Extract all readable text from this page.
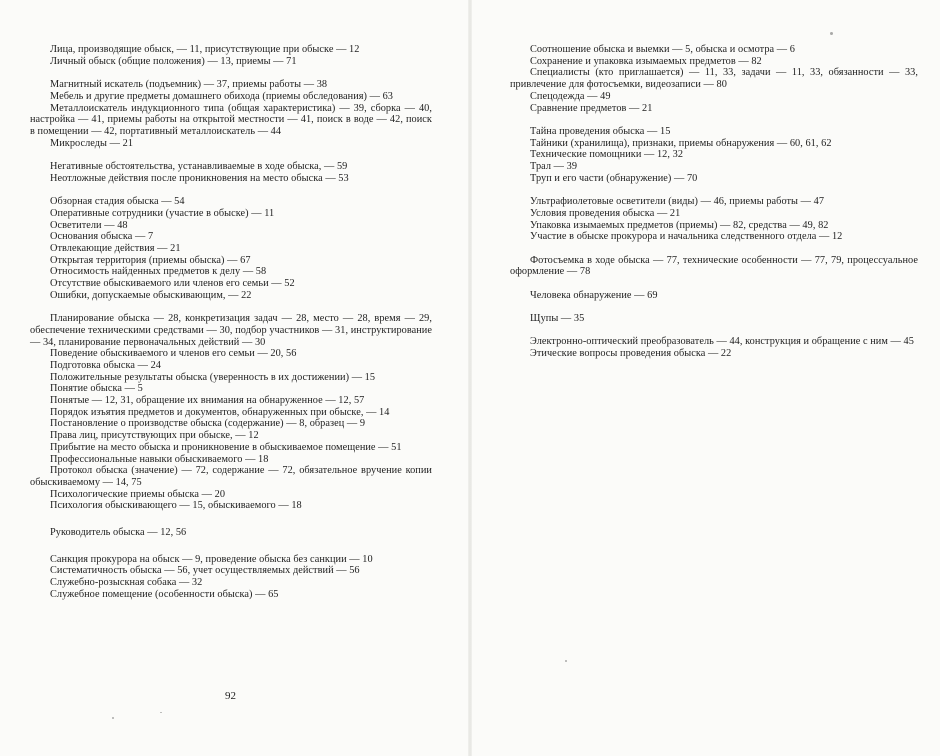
Лица, производящие обыск, — 11, присутствующие при обыске — 12
Личный обыск (общие положения) — 13, приемы — 71
Магнитный искатель (подъемник) — 37, приемы работы — 38
Мебель и другие предметы домашнего обихода (приемы обследования) — 63
Металлоискатель индукционного типа (общая характеристика) — 39, сборка — 40, настройка — 41, приемы работы на открытой местности — 41, поиск в воде — 42, поиск в помещении — 42, портативный металлоискатель — 44
Микроследы — 21
Негативные обстоятельства, устанавливаемые в ходе обыска, — 59
Неотложные действия после проникновения на место обыска — 53
Обзорная стадия обыска — 54
Оперативные сотрудники (участие в обыске) — 11
Осветители — 48
Основания обыска — 7
Отвлекающие действия — 21
Открытая территория (приемы обыска) — 67
Относимость найденных предметов к делу — 58
Отсутствие обыскиваемого или членов его семьи — 52
Ошибки, допускаемые обыскивающим, — 22
Планирование обыска — 28, конкретизация задач — 28, место — 28, время — 29, обеспечение техническими средствами — 30, подбор участников — 31, инструктирование — 34, планирование первоначальных действий — 30
Поведение обыскиваемого и членов его семьи — 20, 56
Подготовка обыска — 24
Положительные результаты обыска (уверенность в их достижении) — 15
Понятие обыска — 5
Понятые — 12, 31, обращение их внимания на обнаруженное — 12, 57
Порядок изъятия предметов и документов, обнаруженных при обыске, — 14
Постановление о производстве обыска (содержание) — 8, образец — 9
Права лиц, присутствующих при обыске, — 12
Прибытие на место обыска и проникновение в обыскиваемое помещение — 51
Профессиональные навыки обыскиваемого — 18
Протокол обыска (значение) — 72, содержание — 72, обязательное вручение копии обыскиваемому — 14, 75
Психологические приемы обыска — 20
Психология обыскивающего — 15, обыскиваемого — 18
Руководитель обыска — 12, 56
Санкция прокурора на обыск — 9, проведение обыска без санкции — 10
Систематичность обыска — 56, учет осуществляемых действий — 56
Служебно-розыскная собака — 32
Служебное помещение (особенности обыска) — 65
92
Соотношение обыска и выемки — 5, обыска и осмотра — 6
Сохранение и упаковка изымаемых предметов — 82
Специалисты (кто приглашается) — 11, 33, задачи — 11, 33, обязанности — 33, привлечение для фотосъемки, видеозаписи — 80
Спецодежда — 49
Сравнение предметов — 21
Тайна проведения обыска — 15
Тайники (хранилища), признаки, приемы обнаружения — 60, 61, 62
Технические помощники — 12, 32
Трал — 39
Труп и его части (обнаружение) — 70
Ультрафиолетовые осветители (виды) — 46, приемы работы — 47
Условия проведения обыска — 21
Упаковка изымаемых предметов (приемы) — 82, средства — 49, 82
Участие в обыске прокурора и начальника следственного отдела — 12
Фотосъемка в ходе обыска — 77, технические особенности — 77, 79, процессуальное оформление — 78
Человека обнаружение — 69
Щупы — 35
Электронно-оптический преобразователь — 44, конструкция и обращение с ним — 45
Этические вопросы проведения обыска — 22
